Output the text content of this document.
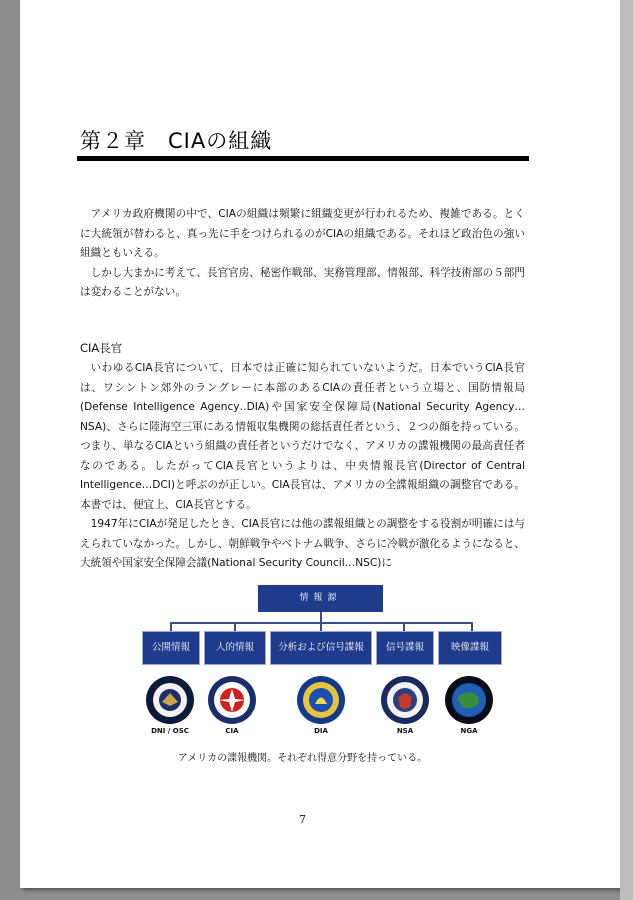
第２章　CIAの組織

アメリカ政府機関の中で、CIAの組織は頻繁に組織変更が行われるため、複雑である。とくに大統領が替わると、真っ先に手をつけられるのがCIAの組織である。それほど政治色の強い組織ともいえる。

しかし大まかに考えて、長官官房、秘密作戦部、実務管理部、情報部、科学技術部の５部門は変わることがない。

CIA長官

いわゆるCIA長官について、日本では正確に知られていないようだ。日本でいうCIA長官は、ワシントン郊外のラングレーに本部のあるCIAの責任者という立場と、国防情報局(Defense Intelligence Agency‥DIA)や国家安全保障局(National Security Agency…NSA)、さらに陸海空三軍にある情報収集機関の総括責任者という、２つの顔を持っている。つまり、単なるCIAという組織の責任者というだけでなく、アメリカの諜報機関の最高責任者なのである。したがってCIA長官というよりは、中央情報長官(Director of Central Intelligence…DCI)と呼ぶのが正しい。CIA長官は、アメリカの全諜報組織の調整官である。本書では、便宜上、CIA長官とする。

1947年にCIAが発足したとき、CIA長官には他の諜報組織との調整をする役割が明確には与えられていなかった。しかし、朝鮮戦争やベトナム戦争、さらに冷戦が激化るようになると、大統領や国家安全保障会議(National Security Council…NSC)に

情報源
公開情報	人的情報	分析および信号諜報	信号諜報	映像諜報
DNI / OSC	CIA	DIA	NSA	NGA
アメリカの諜報機関。それぞれ得意分野を持っている。
7
